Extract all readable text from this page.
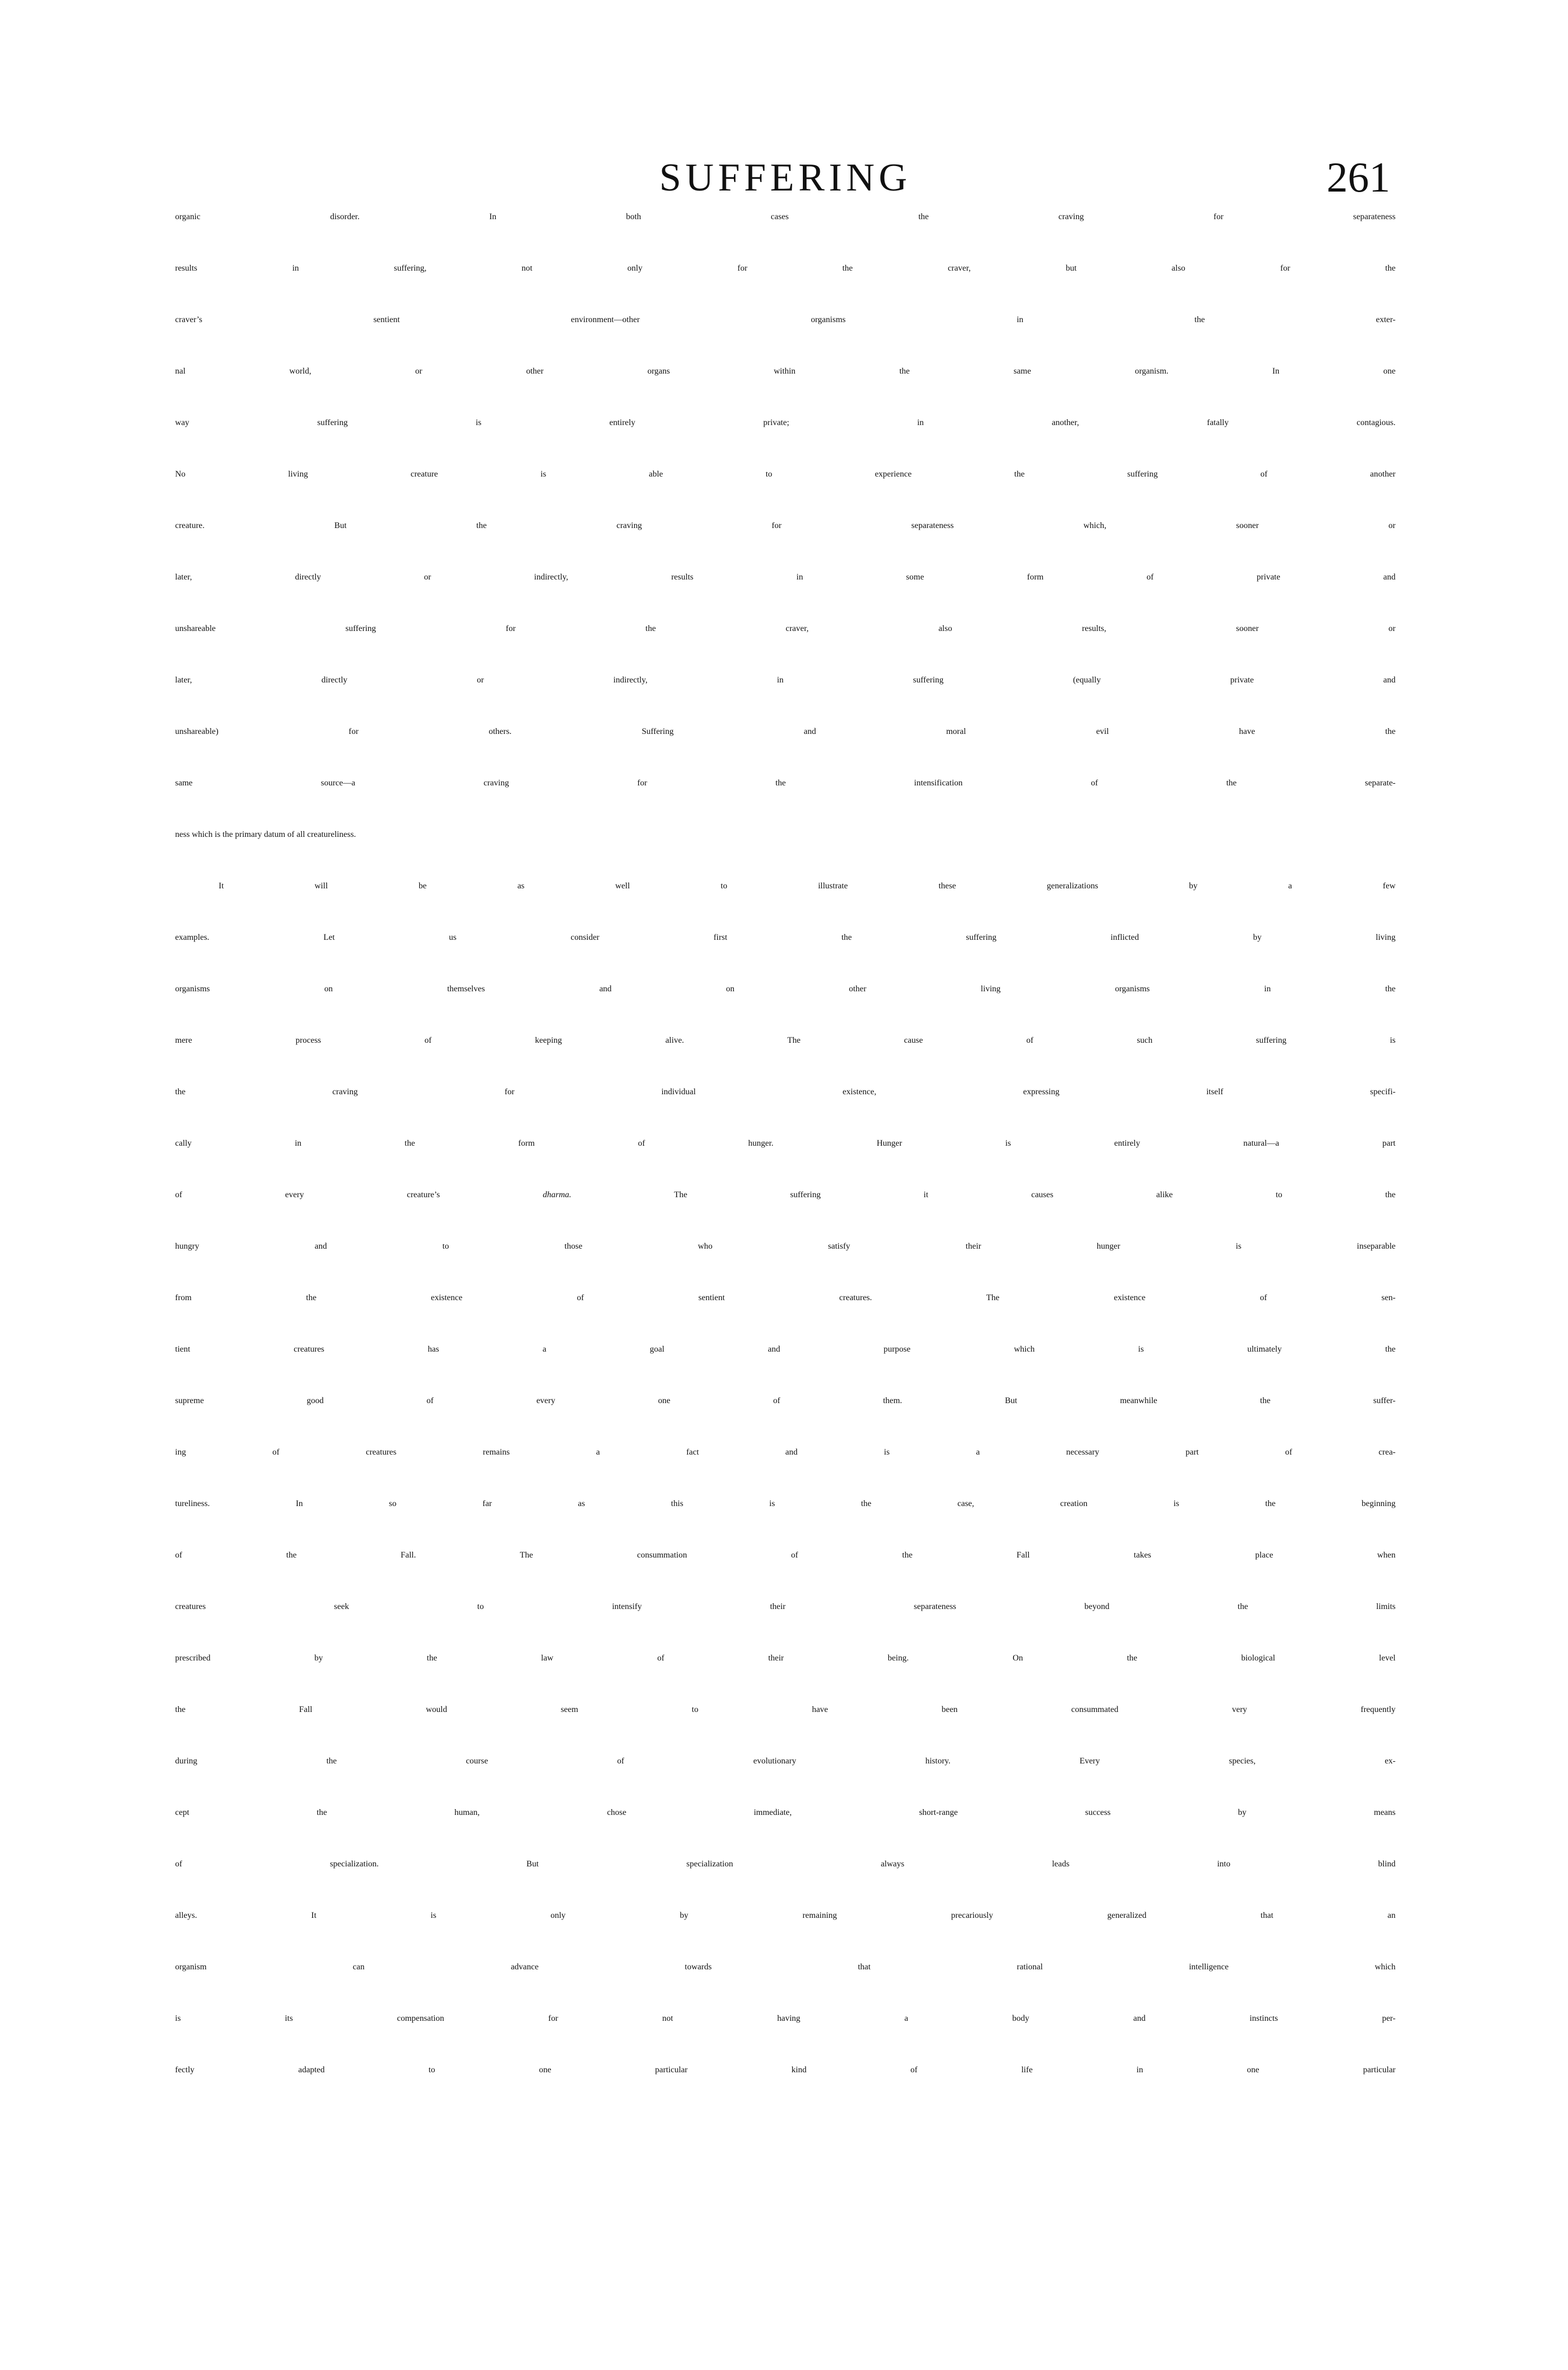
SUFFERING	261
organic disorder. In both cases the craving for separateness
results in suffering, not only for the craver, but also for the
craver’s sentient environment—other organisms in the exter-
nal world, or other organs within the same organism. In one
way suffering is entirely private; in another, fatally contagious.
No living creature is able to experience the suffering of another
creature. But the craving for separateness which, sooner or
later, directly or indirectly, results in some form of private and
unshareable suffering for the craver, also results, sooner or
later, directly or indirectly, in suffering (equally private and
unshareable) for others. Suffering and moral evil have the
same source—a craving for the intensification of the separate-
ness which is the primary datum of all creatureliness.
It will be as well to illustrate these generalizations by a few
examples. Let us consider first the suffering inflicted by living
organisms on themselves and on other living organisms in the
mere process of keeping alive. The cause of such suffering is
the craving for individual existence, expressing itself specifi-
cally in the form of hunger. Hunger is entirely natural—a part
of every creature’s	dharma.	The suffering it causes alike to the
hungry and to those who satisfy their hunger is inseparable
from the existence of sentient creatures. The existence of sen-
tient creatures has a goal and purpose which is ultimately the
supreme good of every one of them. But meanwhile the suffer-
ing of creatures remains a fact and is a necessary part of crea-
tureliness. In so far as this is the case, creation is the beginning
of the Fall. The consummation of the Fall takes place when
creatures seek to intensify their separateness beyond the limits
prescribed by the law of their being. On the biological level
the Fall would seem to have been consummated very frequently
during the course of evolutionary history. Every species, ex-
cept the human, chose immediate, short-range success by means
of specialization. But specialization always leads into blind
alleys. It is only by remaining precariously generalized that an
organism can advance towards that rational intelligence which
is its compensation for not having a body and instincts per-
fectly adapted to one particular kind of life in one particular
